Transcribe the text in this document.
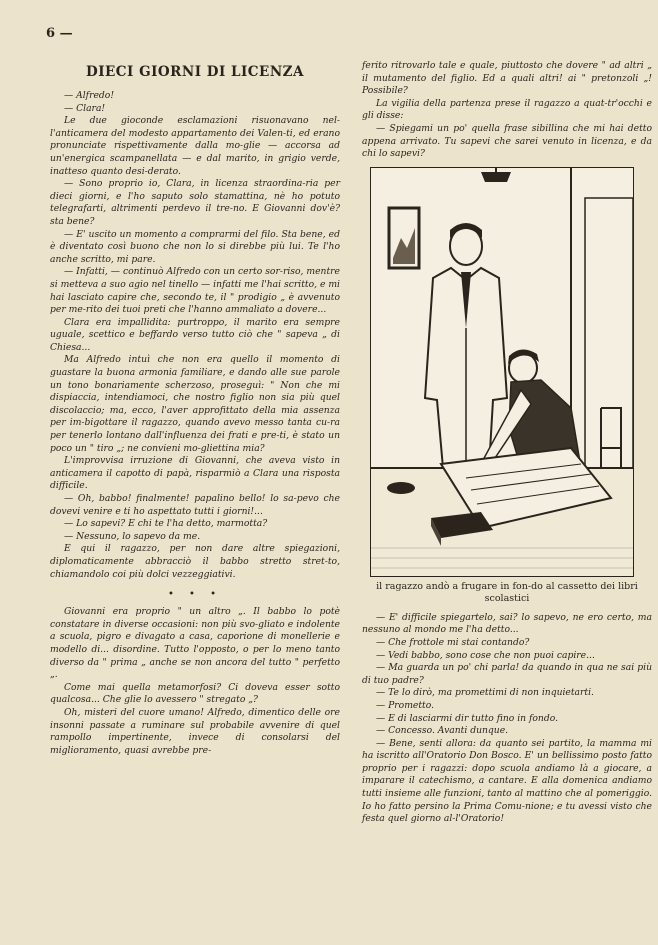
6 —
DIECI GIORNI DI LICENZA

— Alfredo!

— Clara!

Le due gioconde esclamazioni risuonavano nel-l'anticamera del modesto appartamento dei Valen-ti, ed erano pronunciate rispettivamente dalla mo-glie — accorsa ad un'energica scampanellata — e dal marito, in grigio verde, inatteso quanto desi-derato.

— Sono proprio io, Clara, in licenza straordina-ria per dieci giorni, e l'ho saputo solo stamattina, nè ho potuto telegrafarti, altrimenti perdevo il tre-no. E Giovanni dov'è? sta bene?

— E' uscito un momento a comprarmi del filo. Sta bene, ed è diventato così buono che non lo si direbbe più lui. Te l'ho anche scritto, mi pare.

— Infatti, — continuò Alfredo con un certo sor-riso, mentre si metteva a suo agio nel tinello — infatti me l'hai scritto, e mi hai lasciato capire che, secondo te, il " prodigio „ è avvenuto per me-rito dei tuoi preti che l'hanno ammaliato a dovere...

Clara era impallidita: purtroppo, il marito era sempre uguale, scettico e beffardo verso tutto ciò che " sapeva „ di Chiesa...

Ma Alfredo intuì che non era quello il momento di guastare la buona armonia familiare, e dando alle sue parole un tono bonariamente scherzoso, proseguì: " Non che mi dispiaccia, intendiamoci, che nostro figlio non sia più quel discolaccio; ma, ecco, l'aver approfittato della mia assenza per im-bigottare il ragazzo, quando avevo messo tanta cu-ra per tenerlo lontano dall'influenza dei frati e pre-ti, è stato un poco un " tiro „; ne convieni mo-gliettina mia?

L'improvvisa irruzione di Giovanni, che aveva visto in anticamera il capotto di papà, risparmiò a Clara una risposta difficile.

— Oh, babbo! finalmente! papalino bello! lo sa-pevo che dovevi venire e ti ho aspettato tutti i giorni!...

— Lo sapevi? E chi te l'ha detto, marmotta?

— Nessuno, lo sapevo da me.

E qui il ragazzo, per non dare altre spiegazioni, diplomaticamente abbracciò il babbo stretto stret-to, chiamandolo coi più dolci vezzeggiativi.

• • •

Giovanni era proprio " un altro „. Il babbo lo potè constatare in diverse occasioni: non più svo-gliato e indolente a scuola, pigro e divagato a casa, caporione di monellerie e modello di... disordine. Tutto l'opposto, o per lo meno tanto diverso da " prima „ anche se non ancora del tutto " perfetto „.

Come mai quella metamorfosi? Ci doveva esser sotto qualcosa... Che glie lo avessero " stregato „?

Oh, misteri del cuore umano! Alfredo, dimentico delle ore insonni passate a ruminare sul probabile avvenire di quel rampollo impertinente, invece di consolarsi del miglioramento, quasi avrebbe pre-

ferito ritrovarlo tale e quale, piuttosto che dovere " ad altri „ il mutamento del figlio. Ed a quali altri! ai " pretonzoli „! Possibile?

La vigilia della partenza prese il ragazzo a quat-tr'occhi e gli disse:

— Spiegami un po' quella frase sibillina che mi hai detto appena arrivato. Tu sapevi che sarei venuto in licenza, e da chi lo sapevi?

il ragazzo andò a frugare in fon-do al cassetto dei libri scolastici

— E' difficile spiegartelo, sai? lo sapevo, ne ero certo, ma nessuno al mondo me l'ha detto...

— Che frottole mi stai contando?

— Vedi babbo, sono cose che non puoi capire...

— Ma guarda un po' chi parla! da quando in qua ne sai più di tuo padre?

— Te lo dirò, ma promettimi di non inquietarti.

— Prometto.

— E di lasciarmi dir tutto fino in fondo.

— Concesso. Avanti dunque.

— Bene, senti allora: da quanto sei partito, la mamma mi ha iscritto all'Oratorio Don Bosco. E' un bellissimo posto fatto proprio per i ragazzi: dopo scuola andiamo là a giocare, a imparare il catechismo, a cantare. E alla domenica andiamo tutti insieme alle funzioni, tanto al mattino che al pomeriggio. Io ho fatto persino la Prima Comu-nione; e tu avessi visto che festa quel giorno al-l'Oratorio!
